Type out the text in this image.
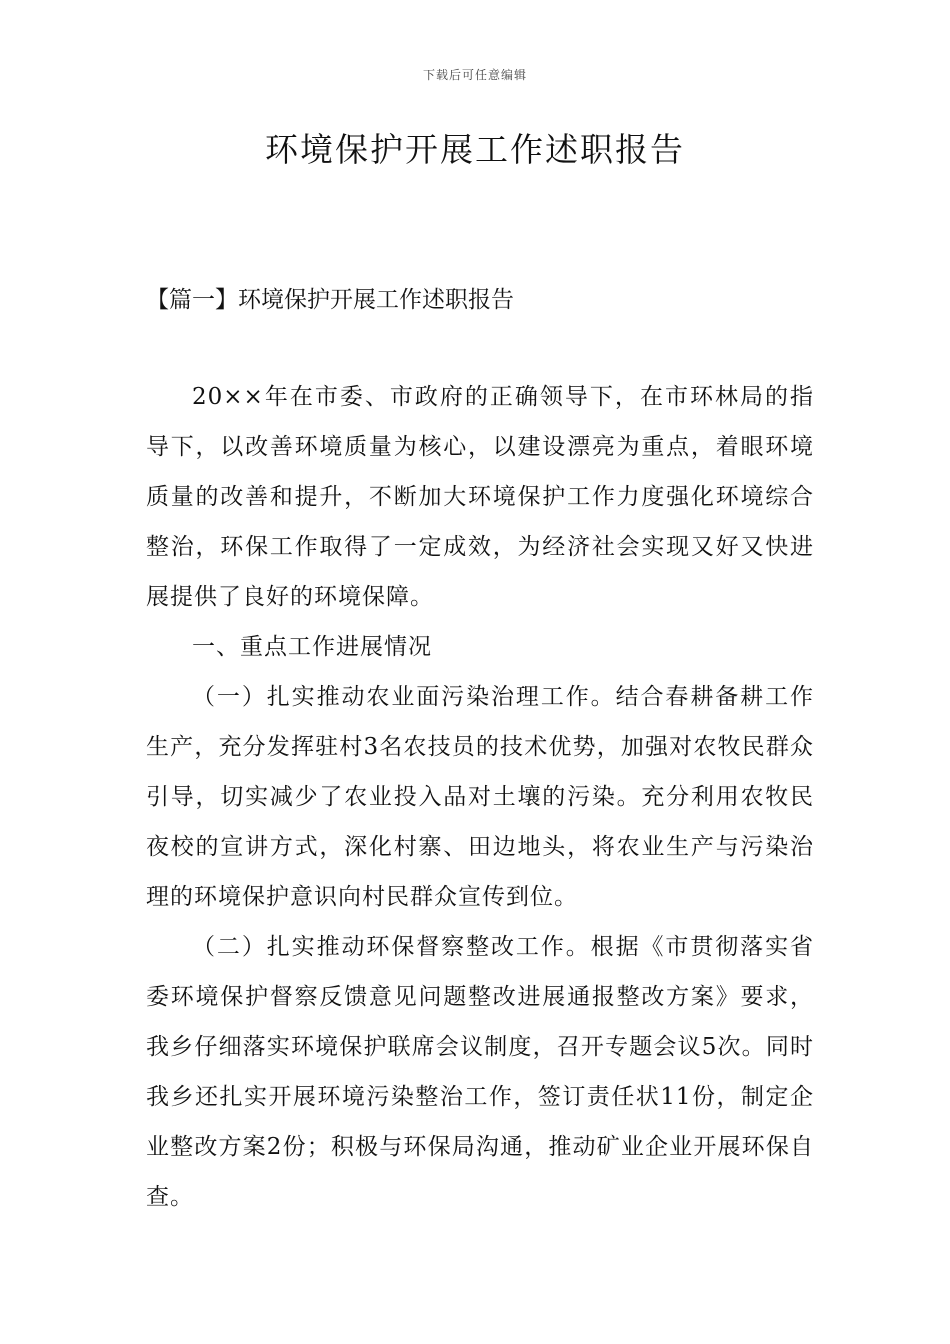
下载后可任意编辑
环境保护开展工作述职报告

【篇一】环境保护开展工作述职报告

20××年在市委、市政府的正确领导下，在市环林局的指导下，以改善环境质量为核心，以建设漂亮为重点，着眼环境质量的改善和提升，不断加大环境保护工作力度强化环境综合整治，环保工作取得了一定成效，为经济社会实现又好又快进展提供了良好的环境保障。

一、重点工作进展情况

（一）扎实推动农业面污染治理工作。结合春耕备耕工作生产，充分发挥驻村3名农技员的技术优势，加强对农牧民群众引导，切实减少了农业投入品对土壤的污染。充分利用农牧民夜校的宣讲方式，深化村寨、田边地头，将农业生产与污染治理的环境保护意识向村民群众宣传到位。

（二）扎实推动环保督察整改工作。根据《市贯彻落实省委环境保护督察反馈意见问题整改进展通报整改方案》要求，我乡仔细落实环境保护联席会议制度，召开专题会议5次。同时我乡还扎实开展环境污染整治工作，签订责任状11份，制定企业整改方案2份；积极与环保局沟通，推动矿业企业开展环保自查。
